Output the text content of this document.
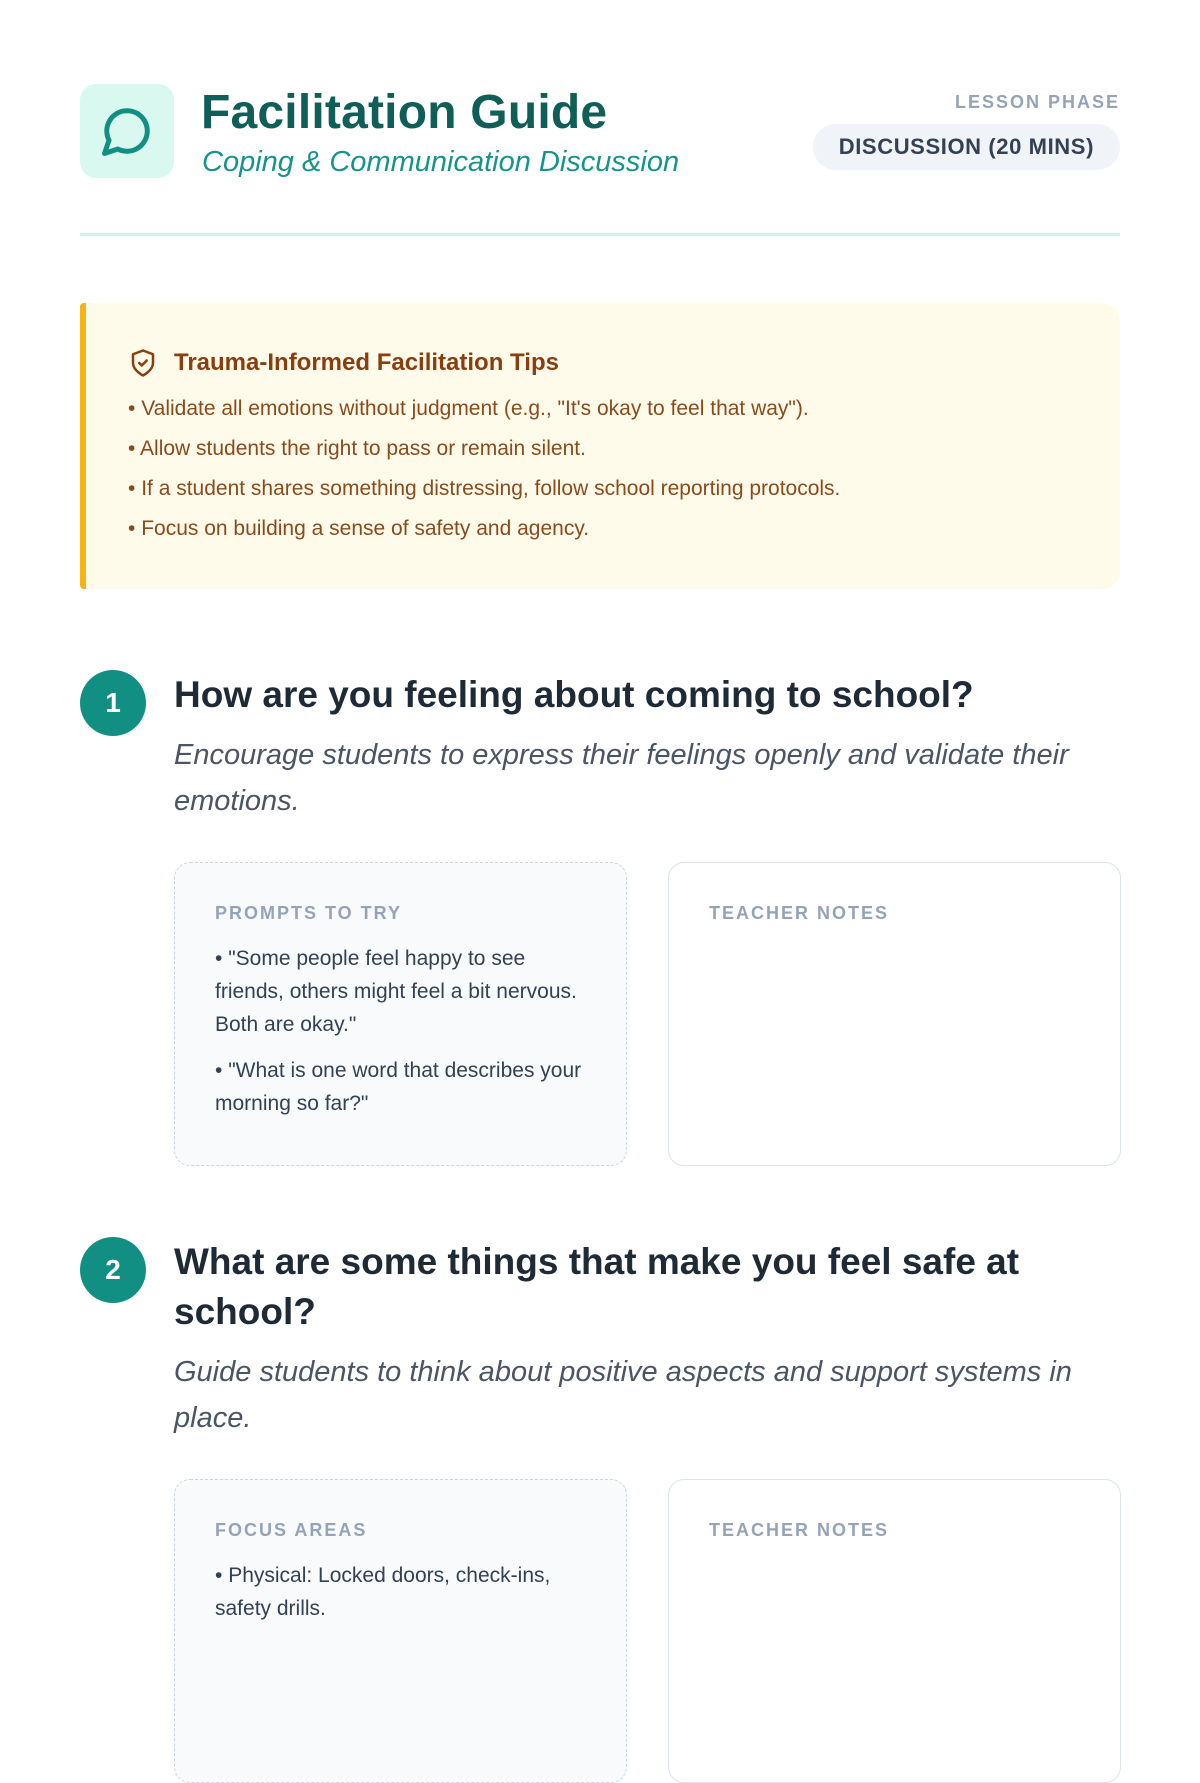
Facilitation Guide
Coping & Communication Discussion
LESSON PHASE
DISCUSSION (20 MINS)
Trauma-Informed Facilitation Tips
• Validate all emotions without judgment (e.g., "It's okay to feel that way").
• Allow students the right to pass or remain silent.
• If a student shares something distressing, follow school reporting protocols.
• Focus on building a sense of safety and agency.
1	How are you feeling about coming to school?
Encourage students to express their feelings openly and validate their emotions.
PROMPTS TO TRY
• "Some people feel happy to see friends, others might feel a bit nervous. Both are okay."
• "What is one word that describes your morning so far?"
TEACHER NOTES
2	What are some things that make you feel safe at school?
Guide students to think about positive aspects and support systems in place.
FOCUS AREAS
• Physical: Locked doors, check-ins, safety drills.
TEACHER NOTES
